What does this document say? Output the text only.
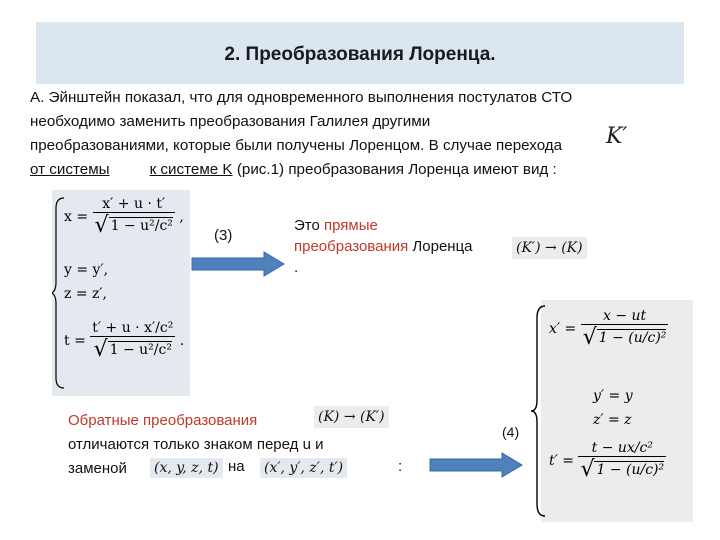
2. Преобразования Лоренца.
А. Эйнштейн показал, что для одновременного выполнения постулатов СТО
необходимо заменить преобразования Галилея другими
преобразованиями, которые были получены Лоренцом. В случае перехода
от системы	к системе K (рис.1) преобразования Лоренца имеют вид :
K′
$x = \frac{x' + u \cdot t'}{\text{√ 1 − u²/c²}}$ ,
y = y′,
z = z′,
$t = \frac{\text{t′ + u · x′/c²}}{\text{√ 1 − u²/c²}}$ .
(3)
Это прямые
преобразования Лоренца
.
(K′) → (K)
Обратные преобразования
отличаются только знаком перед u и
заменой
(K) → (K′)
(x, y, z, t) на (x′, y′, z′, t′)	:
(4)
$x' = \frac{x - ut}{\text{√ 1 − (u/c)²}}$
y′ = y
z′ = z
$t' = \frac{\text{t − ux/c²}}{\text{√ 1 − (u/c)²}}$
